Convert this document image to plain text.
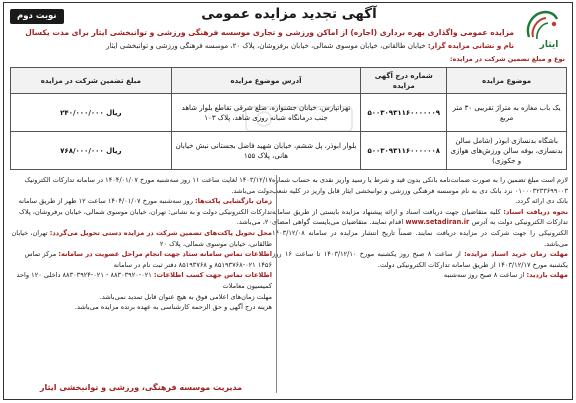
نوبت دوم	آگهی تجدید مزایده عمومی
ایثار
مزایده عمومی واگذاری بهره برداری (اجاره) از اماکن ورزشی و تجاری موسسه فرهنگی ورزشی و توانبخشی ایثار برای مدت یکسال
نام و نشانی مزایده گزار: خیابان طالقانی، خیابان موسوی شمالی، خیابان برفروشان، پلاک ۲۰، موسسه فرهنگی ورزشی و توانبخشی ایثار
نوع و مبلغ تضمین شرکت در مزایده:
موضوع مزایده	شماره درج آگهی مزایده	آدرس موضوع مزایده	مبلغ تضمین شرکت در مزایده
یک باب مغازه به متراژ تقریبی ۳۰ متر مربع	۵۰۰۳۰۹۳۱۱۶۰۰۰۰۰۰۹	تهرانپارس، خیابان جشنواره، ضلع شرقی تقاطع بلوار شاهد جنب درمانگاه شبانه روزی شاهد، پلاک ۱۰۳	۲۴۰/۰۰۰/۰۰۰ ریال
باشگاه بدنسازی ابوذر (شامل سالن بدنسازی، بوفه سالن ورزش‌های هوازی و جکوزی)	۵۰۰۳۰۹۳۱۱۶۰۰۰۰۰۰۸	بلوار ابوذر، پل ششم، خیابان شهید فاضل بجستانی نبش خیابان هانی، پلاک ۱۵۵	۷۶۸/۰۰۰/۰۰۰ ریال
لازم است مبلغ تضمین را به صورت ضمانت‌نامه بانکی بدون قید و شرط یا رسید واریز نقدی به حساب شماره ۰۱۰۰۰۳۲۳۳۶۹۹۰۰۳ نزد بانک دی به نام موسسه فرهنگی ورزشی و توانبخشی ایثار قابل واریز در کلیه شعب بانک دی ارائه گردد.
نحوه دریافت اسناد: کلیه متقاضیان جهت دریافت اسناد و ارائه پیشنهاد مزایده بایستی از طریق سامانه تدارکات الکترونیکی دولت به آدرس www.setadiran.ir اقدام نمایند. متقاضیان می‌بایست گواهی امضای الکترونیکی را جهت شرکت در مزایده دریافت نمایند. ضمناً تاریخ انتشار مزایده در سامانه ۱۴۰۳/۱۲/۰۸ می‌باشد.
مهلت زمان خرید اسناد مزایده: از ساعت ۸ صبح روز یکشنبه مورخ ۱۴۰۳/۱۲/۱۰ تا ساعت ۱۶ روز یکشنبه مورخ ۱۴۰۳/۱۲/۱۷ از طریق سامانه تدارکات الکترونیکی دولت.
مهلت بازدید: از ساعت ۸ صبح روز سه‌شنبه
۱۴۰۳/۱۲/۱۷ لغایت ساعت ۱۱ روز سه‌شنبه مورخ ۱۴۰۴/۰۱/۰۷ در سامانه تدارکات الکترونیک دولت می‌باشد.
زمان بازگشایی پاکت‌ها: روز سه‌شنبه مورخ ۱۴۰۴/۰۱/۰۷ ساعت ۱۲ ظهر از طریق سامانه تدارکات الکترونیکی دولت و به نشانی: تهران، خیابان موسوی شمالی، خیابان برفروشان، پلاک ۲۰، می‌باشد.
محل تحویل پاکت‌های تضمین شرکت در مزایده دستی تحویل می‌گردد: تهران، خیابان طالقانی، خیابان موسوی شمالی، پلاک ۲۰
اطلاعات تماس سامانه ستاد جهت انجام مراحل عضویت در سامانه: مرکز تماس ۱۴۵۶ ۰۲۱-۸۵۱۹۳۷۶۸ و ۸۵۱۹۳۷۶۸ دفتر ثبت نام در سامانه
اطلاعات تماس جهت کسب اطلاعات: ۰۲۱-۸۸۳۰۳۹۲۰ - ۰۲۱-۸۸۳۰۳۹۲۴ داخلی ۱۲۰ واحد کمیسیون معاملات
مهلت زمان‌های اعلامی فوق به هیچ عنوان قابل تمدید نمی‌باشد.
هزینه درج آگهی و حق الزحمه کارشناسی به عهده برنده مزایده می‌باشد.
مدیریت موسسه فرهنگی، ورزشی و توانبخشی ایثار
